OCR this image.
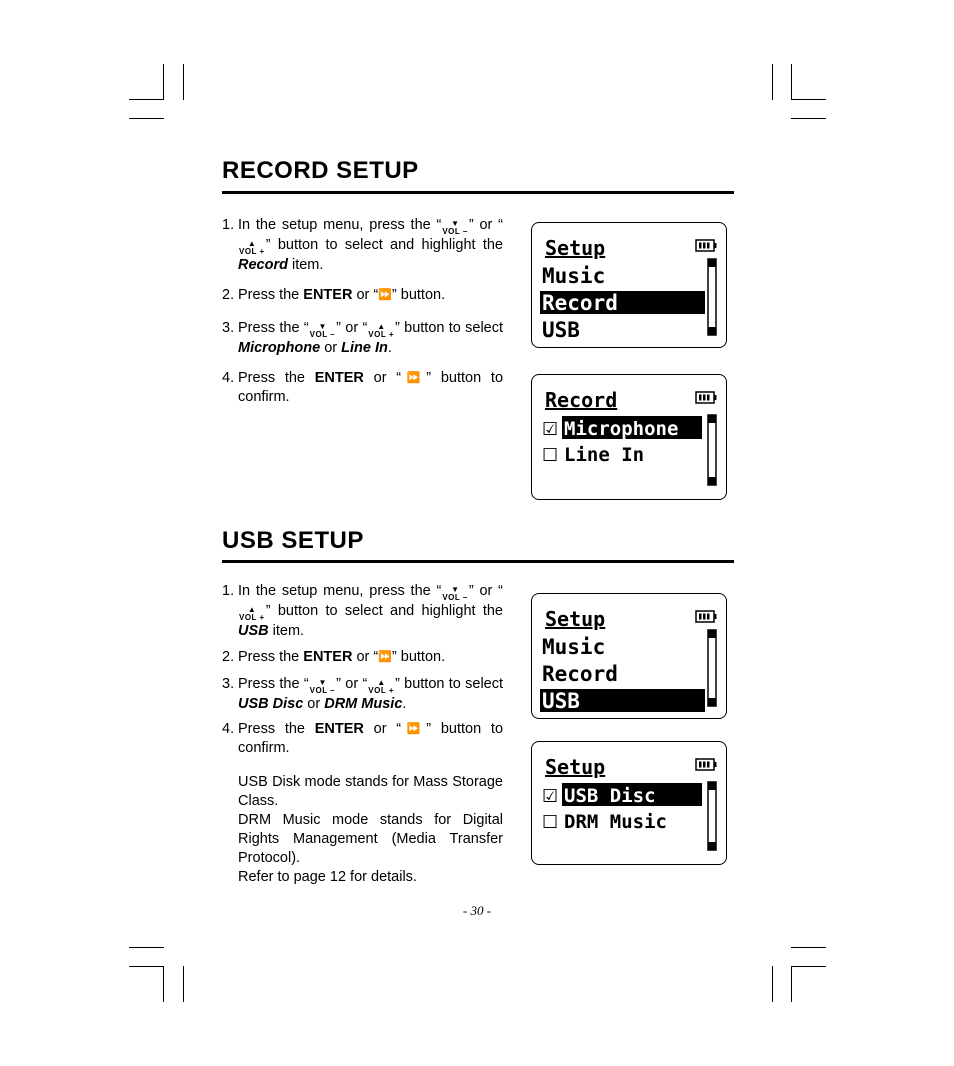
RECORD SETUP
1. In the setup menu, press the “	▼
VOL – ” or “
▲
VOL + ” button to select and highlight the Record item.
2. Press the ENTER or “⏩” button.
3. Press the “	▼
VOL – ” or “	▲
VOL + ” button to select Microphone or Line In.
4. Press the ENTER or “⏩” button to confirm.
Setup
Music
Record
USB
Record
☑ Microphone
☐ Line In
USB SETUP
1. In the setup menu, press the “	▼
VOL – ” or “
▲
VOL + ” button to select and highlight the USB item.
2. Press the ENTER or “⏩” button.
3. Press the “	▼
VOL – ” or “	▲
VOL + ” button to select USB Disc or DRM Music.
4. Press the ENTER or “⏩” button to confirm.
USB Disk mode stands for Mass Storage Class.
DRM Music mode stands for Digital Rights Management (Media Transfer Protocol).
Refer to page 12 for details.
Setup
Music
Record
USB
Setup
☑ USB Disc
☐ DRM Music
- 30 -
